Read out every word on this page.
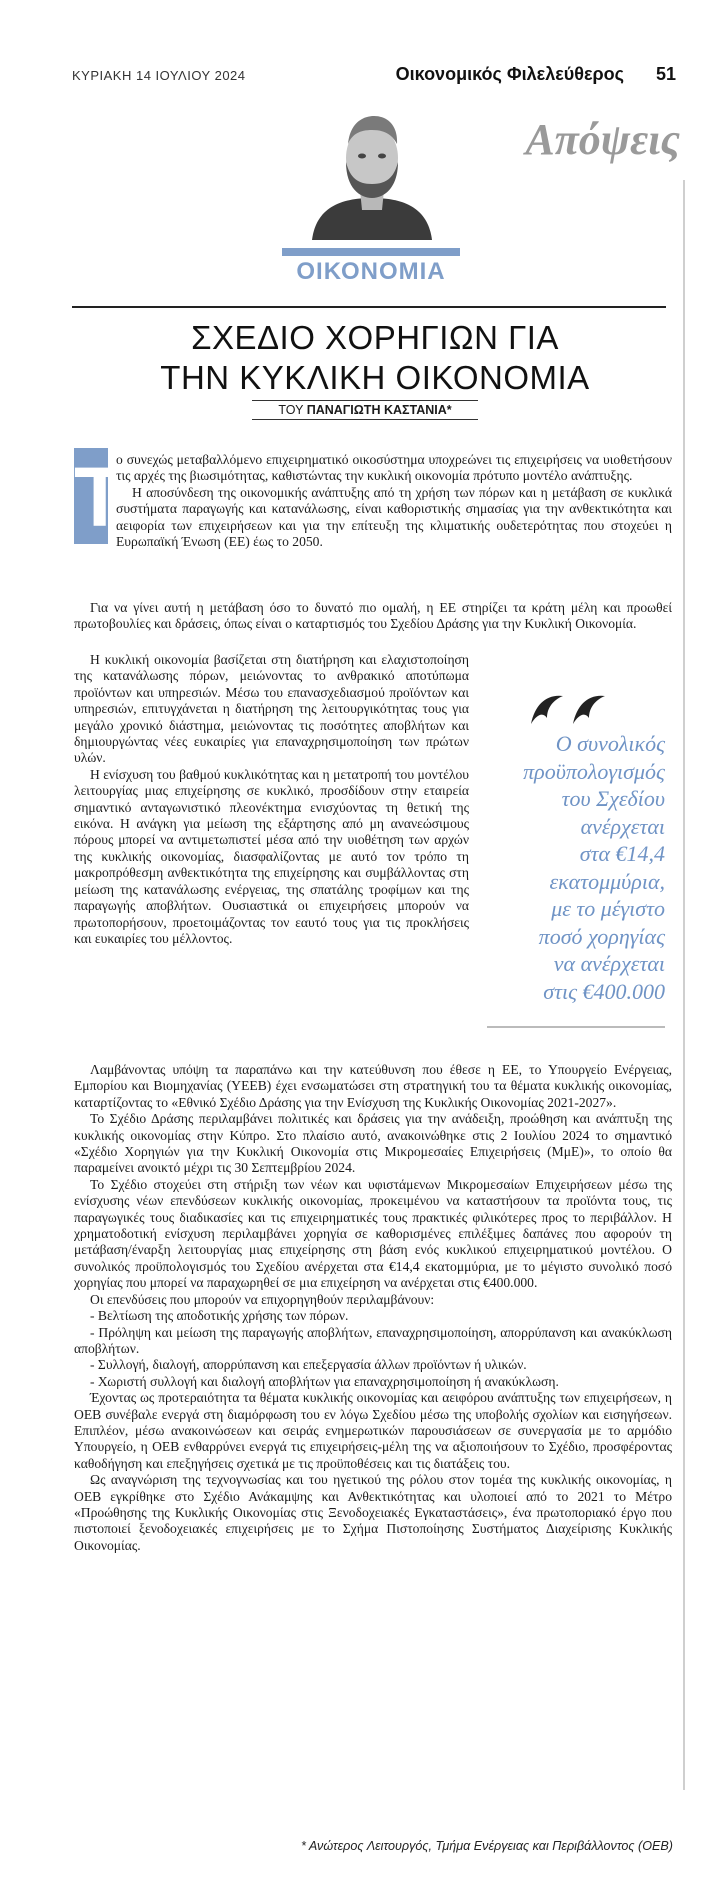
ΚΥΡΙΑΚΗ 14 ΙΟΥΛΙΟΥ 2024	Οικονομικός Φιλελεύθερος 51
Απόψεις
ΟΙΚΟΝΟΜΙΑ
ΣΧΕΔΙΟ ΧΟΡΗΓΙΩΝ ΓΙΑ
ΤΗΝ ΚΥΚΛΙΚΗ ΟΙΚΟΝΟΜΙΑ
ΤΟΥ ΠΑΝΑΓΙΩΤΗ ΚΑΣΤΑΝΙΑ*
Τ

ο συνεχώς μεταβαλλόμενο επιχειρηματικό οικοσύστημα υποχρεώνει τις επιχειρήσεις να υιοθετήσουν τις αρχές της βιωσιμότητας, καθιστώντας την κυκλική οικονομία πρότυπο μοντέλο ανάπτυξης.

Η αποσύνδεση της οικονομικής ανάπτυξης από τη χρήση των πόρων και η μετάβαση σε κυκλικά συστήματα παραγωγής και κατανάλωσης, είναι καθοριστικής σημασίας για την ανθεκτικότητα και αειφορία των επιχειρήσεων και για την επίτευξη της κλιματικής ουδετερότητας που στοχεύει η Ευρωπαϊκή Ένωση (ΕΕ) έως το 2050.

Για να γίνει αυτή η μετάβαση όσο το δυνατό πιο ομαλή, η ΕΕ στηρίζει τα κράτη μέλη και προωθεί πρωτοβουλίες και δράσεις, όπως είναι ο καταρτισμός του Σχεδίου Δράσης για την Κυκλική Οικονομία.

Η κυκλική οικονομία βασίζεται στη διατήρηση και ελαχιστοποίηση της κατανάλωσης πόρων, μειώνοντας το ανθρακικό αποτύπωμα προϊόντων και υπηρεσιών. Μέσω του επανασχεδιασμού προϊόντων και υπηρεσιών, επιτυγχάνεται η διατήρηση της λειτουργικότητας τους για μεγάλο χρονικό διάστημα, μειώνοντας τις ποσότητες αποβλήτων και δημιουργώντας νέες ευκαιρίες για επαναχρησιμοποίηση των πρώτων υλών.

Η ενίσχυση του βαθμού κυκλικότητας και η μετατροπή του μοντέλου λειτουργίας μιας επιχείρησης σε κυκλικό, προσδίδουν στην εταιρεία σημαντικό ανταγωνιστικό πλεονέκτημα ενισχύοντας τη θετική της εικόνα. Η ανάγκη για μείωση της εξάρτησης από μη ανανεώσιμους πόρους μπορεί να αντιμετωπιστεί μέσα από την υιοθέτηση των αρχών της κυκλικής οικονομίας, διασφαλίζοντας με αυτό τον τρόπο τη μακροπρόθεσμη ανθεκτικότητα της επιχείρησης και συμβάλλοντας στη μείωση της κατανάλωσης ενέργειας, της σπατάλης τροφίμων και της παραγωγής αποβλήτων. Ουσιαστικά οι επιχειρήσεις μπορούν να πρωτοπορήσουν, προετοιμάζοντας τον εαυτό τους για τις προκλήσεις και ευκαιρίες του μέλλοντος.

Ο συνολικός
προϋπολογισμός
του Σχεδίου
ανέρχεται
στα €14,4
εκατομμύρια,
με το μέγιστο
ποσό χορηγίας
να ανέρχεται
στις €400.000

Λαμβάνοντας υπόψη τα παραπάνω και την κατεύθυνση που έθεσε η ΕΕ, το Υπουργείο Ενέργειας, Εμπορίου και Βιομηχανίας (ΥΕΕΒ) έχει ενσωματώσει στη στρατηγική του τα θέματα κυκλικής οικονομίας, καταρτίζοντας το «Εθνικό Σχέδιο Δράσης για την Ενίσχυση της Κυκλικής Οικονομίας 2021-2027».

Το Σχέδιο Δράσης περιλαμβάνει πολιτικές και δράσεις για την ανάδειξη, προώθηση και ανάπτυξη της κυκλικής οικονομίας στην Κύπρο. Στο πλαίσιο αυτό, ανακοινώθηκε στις 2 Ιουλίου 2024 το σημαντικό «Σχέδιο Χορηγιών για την Κυκλική Οικονομία στις Μικρομεσαίες Επιχειρήσεις (ΜμΕ)», το οποίο θα παραμείνει ανοικτό μέχρι τις 30 Σεπτεμβρίου 2024.

Το Σχέδιο στοχεύει στη στήριξη των νέων και υφιστάμενων Μικρομεσαίων Επιχειρήσεων μέσω της ενίσχυσης νέων επενδύσεων κυκλικής οικονομίας, προκειμένου να καταστήσουν τα προϊόντα τους, τις παραγωγικές τους διαδικασίες και τις επιχειρηματικές τους πρακτικές φιλικότερες προς το περιβάλλον. Η χρηματοδοτική ενίσχυση περιλαμβάνει χορηγία σε καθορισμένες επιλέξιμες δαπάνες που αφορούν τη μετάβαση/έναρξη λειτουργίας μιας επιχείρησης στη βάση ενός κυκλικού επιχειρηματικού μοντέλου. Ο συνολικός προϋπολογισμός του Σχεδίου ανέρχεται στα €14,4 εκατομμύρια, με το μέγιστο συνολικό ποσό χορηγίας που μπορεί να παραχωρηθεί σε μια επιχείρηση να ανέρχεται στις €400.000.

Οι επενδύσεις που μπορούν να επιχορηγηθούν περιλαμβάνουν:

- Βελτίωση της αποδοτικής χρήσης των πόρων.

- Πρόληψη και μείωση της παραγωγής αποβλήτων, επαναχρησιμοποίηση, απορρύπανση και ανακύκλωση αποβλήτων.

- Συλλογή, διαλογή, απορρύπανση και επεξεργασία άλλων προϊόντων ή υλικών.

- Χωριστή συλλογή και διαλογή αποβλήτων για επαναχρησιμοποίηση ή ανακύκλωση.

Έχοντας ως προτεραιότητα τα θέματα κυκλικής οικονομίας και αειφόρου ανάπτυξης των επιχειρήσεων, η ΟΕΒ συνέβαλε ενεργά στη διαμόρφωση του εν λόγω Σχεδίου μέσω της υποβολής σχολίων και εισηγήσεων. Επιπλέον, μέσω ανακοινώσεων και σειράς ενημερωτικών παρουσιάσεων σε συνεργασία με το αρμόδιο Υπουργείο, η ΟΕΒ ενθαρρύνει ενεργά τις επιχειρήσεις-μέλη της να αξιοποιήσουν το Σχέδιο, προσφέροντας καθοδήγηση και επεξηγήσεις σχετικά με τις προϋποθέσεις και τις διατάξεις του.

Ως αναγνώριση της τεχνογνωσίας και του ηγετικού της ρόλου στον τομέα της κυκλικής οικονομίας, η ΟΕΒ εγκρίθηκε στο Σχέδιο Ανάκαμψης και Ανθεκτικότητας και υλοποιεί από το 2021 το Μέτρο «Προώθησης της Κυκλικής Οικονομίας στις Ξενοδοχειακές Εγκαταστάσεις», ένα πρωτοποριακό έργο που πιστοποιεί ξενοδοχειακές επιχειρήσεις με το Σχήμα Πιστοποίησης Συστήματος Διαχείρισης Κυκλικής Οικονομίας.

* Ανώτερος Λειτουργός, Τμήμα Ενέργειας και Περιβάλλοντος (ΟΕΒ)
